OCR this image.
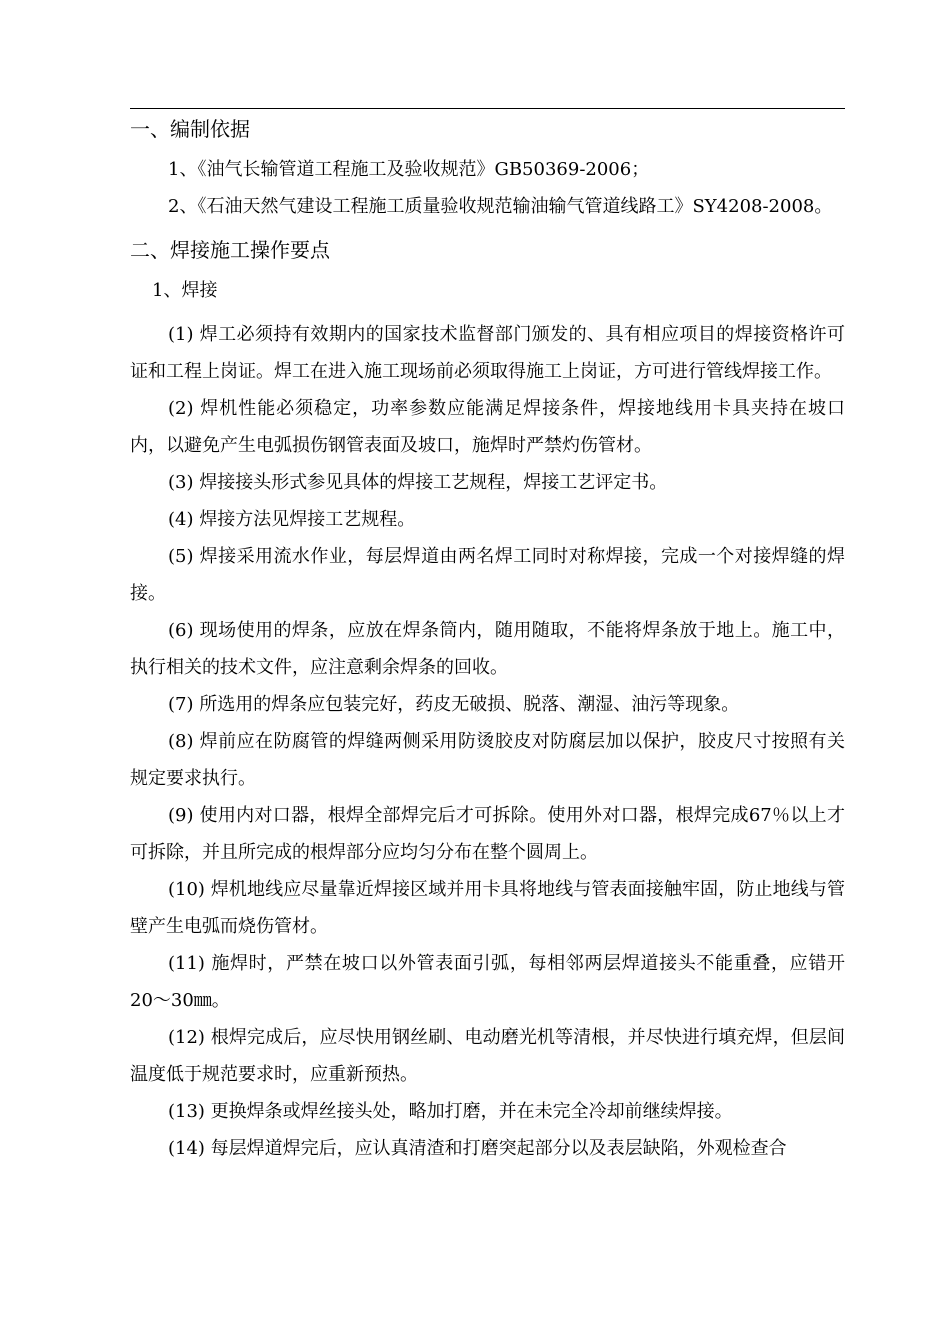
一、编制依据

1、《油气长输管道工程施工及验收规范》GB50369-2006；

2、《石油天然气建设工程施工质量验收规范输油输气管道线路工》SY4208-2008。

二、焊接施工操作要点

1、焊接

(1) 焊工必须持有效期内的国家技术监督部门颁发的、具有相应项目的焊接资格许可证和工程上岗证。焊工在进入施工现场前必须取得施工上岗证，方可进行管线焊接工作。

(2) 焊机性能必须稳定，功率参数应能满足焊接条件，焊接地线用卡具夹持在坡口内，以避免产生电弧损伤钢管表面及坡口，施焊时严禁灼伤管材。

(3) 焊接接头形式参见具体的焊接工艺规程，焊接工艺评定书。

(4) 焊接方法见焊接工艺规程。

(5) 焊接采用流水作业，每层焊道由两名焊工同时对称焊接，完成一个对接焊缝的焊接。

(6) 现场使用的焊条，应放在焊条筒内，随用随取，不能将焊条放于地上。施工中，执行相关的技术文件，应注意剩余焊条的回收。

(7) 所选用的焊条应包装完好，药皮无破损、脱落、潮湿、油污等现象。

(8) 焊前应在防腐管的焊缝两侧采用防烫胶皮对防腐层加以保护，胶皮尺寸按照有关规定要求执行。

(9) 使用内对口器，根焊全部焊完后才可拆除。使用外对口器，根焊完成67％以上才可拆除，并且所完成的根焊部分应均匀分布在整个圆周上。

(10) 焊机地线应尽量靠近焊接区域并用卡具将地线与管表面接触牢固，防止地线与管壁产生电弧而烧伤管材。

(11) 施焊时，严禁在坡口以外管表面引弧，每相邻两层焊道接头不能重叠，应错开20～30㎜。

(12) 根焊完成后，应尽快用钢丝刷、电动磨光机等清根，并尽快进行填充焊，但层间温度低于规范要求时，应重新预热。

(13) 更换焊条或焊丝接头处，略加打磨，并在未完全冷却前继续焊接。

(14) 每层焊道焊完后，应认真清渣和打磨突起部分以及表层缺陷，外观检查合
